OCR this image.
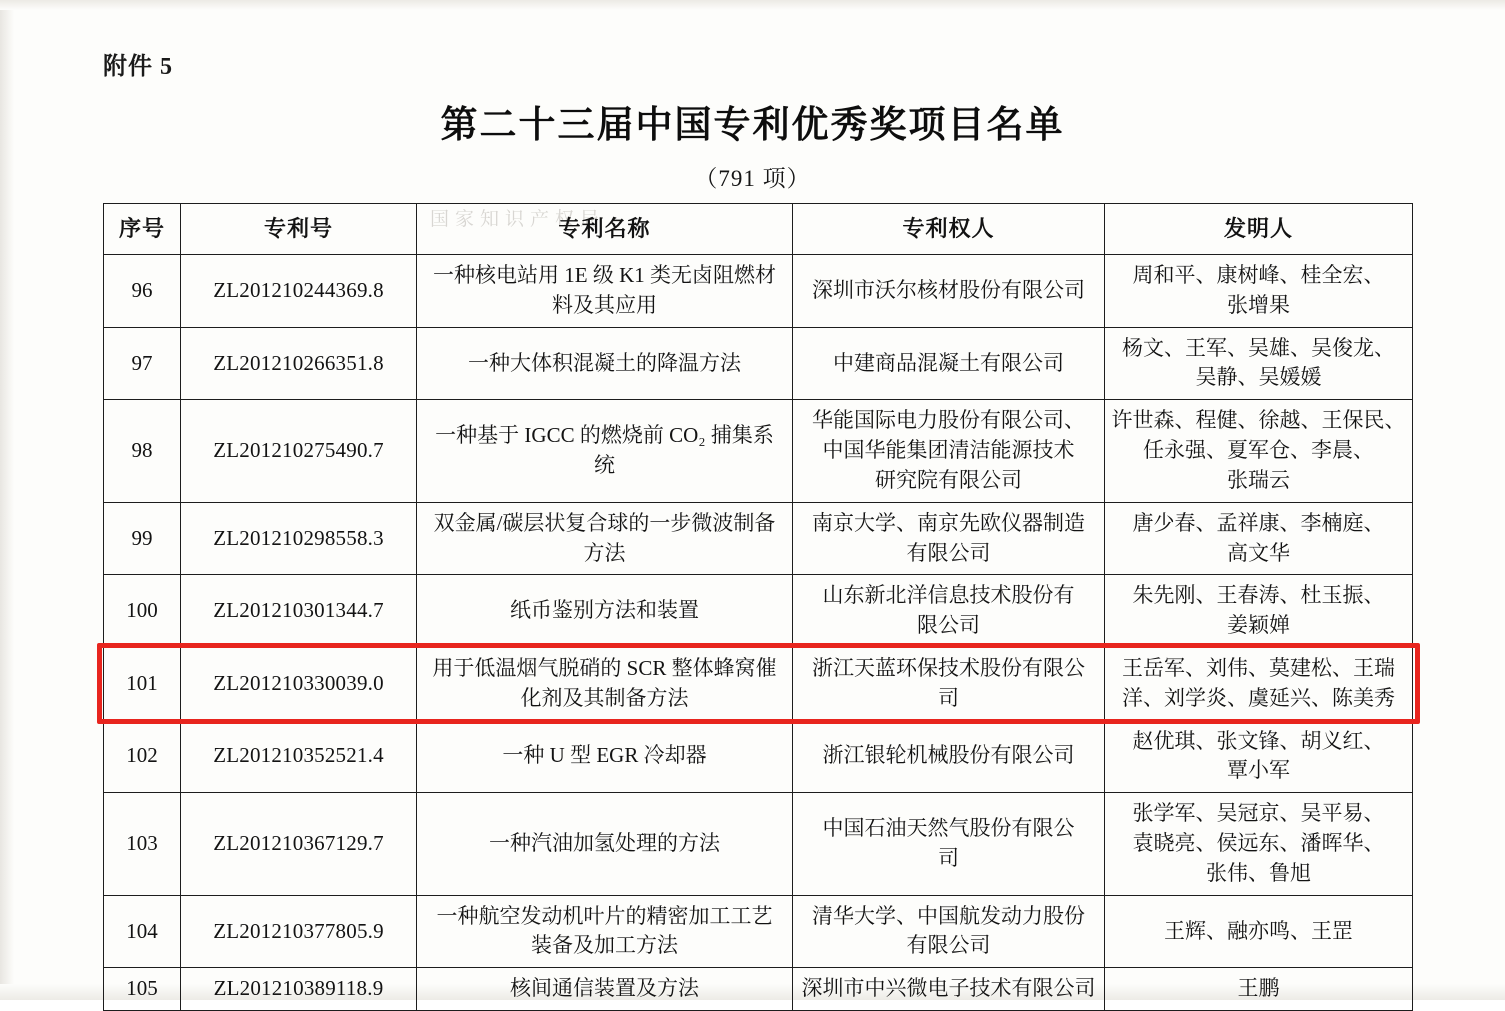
附件 5
第二十三届中国专利优秀奖项目名单
（791 项）
国家知识产权局
序号	专利号	专利名称	专利权人	发明人
96	ZL201210244369.8	一种核电站用 1E 级 K1 类无卤阻燃材
料及其应用	深圳市沃尔核材股份有限公司	周和平、康树峰、桂全宏、
张增果

97	ZL201210266351.8	一种大体积混凝土的降温方法	中建商品混凝土有限公司	杨文、王军、吴雄、吴俊龙、
吴静、吴媛媛

98	ZL201210275490.7	一种基于 IGCC 的燃烧前 CO₂ 捕集系
统	华能国际电力股份有限公司、
中国华能集团清洁能源技术
研究院有限公司	许世森、程健、徐越、王保民、
任永强、夏军仓、李晨、
张瑞云

99	ZL201210298558.3	双金属/碳层状复合球的一步微波制备
方法	南京大学、南京先欧仪器制造
有限公司	唐少春、孟祥康、李楠庭、
高文华

100	ZL201210301344.7	纸币鉴别方法和装置	山东新北洋信息技术股份有
限公司	朱先刚、王春涛、杜玉振、
姜颖婵

101	ZL201210330039.0	用于低温烟气脱硝的 SCR 整体蜂窝催
化剂及其制备方法	浙江天蓝环保技术股份有限公
司	王岳军、刘伟、莫建松、王瑞
洋、刘学炎、虞延兴、陈美秀

102	ZL201210352521.4	一种 U 型 EGR 冷却器	浙江银轮机械股份有限公司	赵优琪、张文锋、胡义红、
覃小军

103	ZL201210367129.7	一种汽油加氢处理的方法	中国石油天然气股份有限公
司	张学军、吴冠京、吴平易、
袁晓亮、侯远东、潘晖华、
张伟、鲁旭

104	ZL201210377805.9	一种航空发动机叶片的精密加工工艺
装备及加工方法	清华大学、中国航发动力股份
有限公司	王辉、融亦鸣、王罡

105	ZL201210389118.9	核间通信装置及方法	深圳市中兴微电子技术有限公司	王鹏
